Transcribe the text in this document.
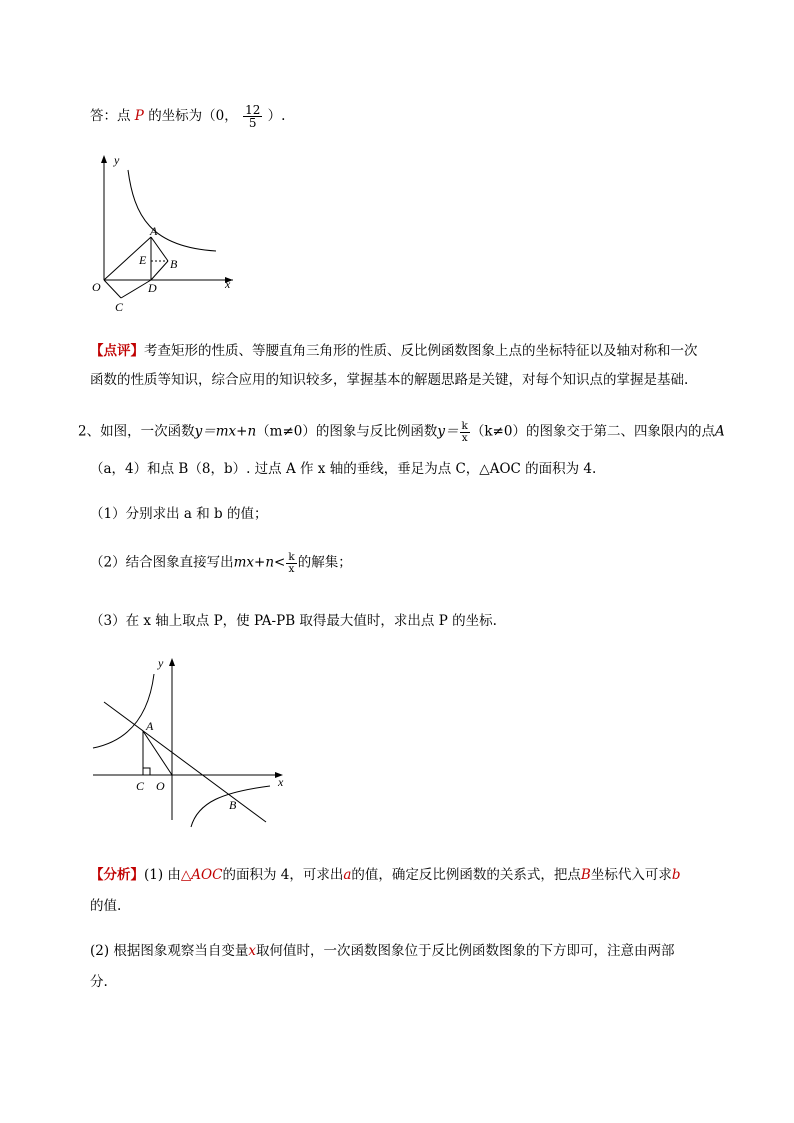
答：点 P 的坐标为（0， $\frac{12}{5}$ ）.
y
x
O
A
B
E
D
C
【点评】考查矩形的性质、等腰直角三角形的性质、反比例函数图象上点的坐标特征以及轴对称和一次
函数的性质等知识，综合应用的知识较多，掌握基本的解题思路是关键，对每个知识点的掌握是基础.
2、如图，一次函数y＝mx+n（m≠0）的图象与反比例函数$y= \frac{k}{x} (k\ne 0)$的图象交于第二、四象限内的点A
（a，4）和点 B（8，b）. 过点 A 作 x 轴的垂线，垂足为点 C，△AOC 的面积为 4.
（1）分别求出 a 和 b 的值；
（2）结合图象直接写出$mx+n< \frac{k}{x}$ 的解集；
（3）在 x 轴上取点 P，使 PA-PB 取得最大值时，求出点 P 的坐标.
y
x
A
C O
B
【分析】(1) 由△AOC的面积为 4，可求出a的值，确定反比例函数的关系式，把点B坐标代入可求b
的值.
(2) 根据图象观察当自变量x取何值时，一次函数图象位于反比例函数图象的下方即可，注意由两部
分.
